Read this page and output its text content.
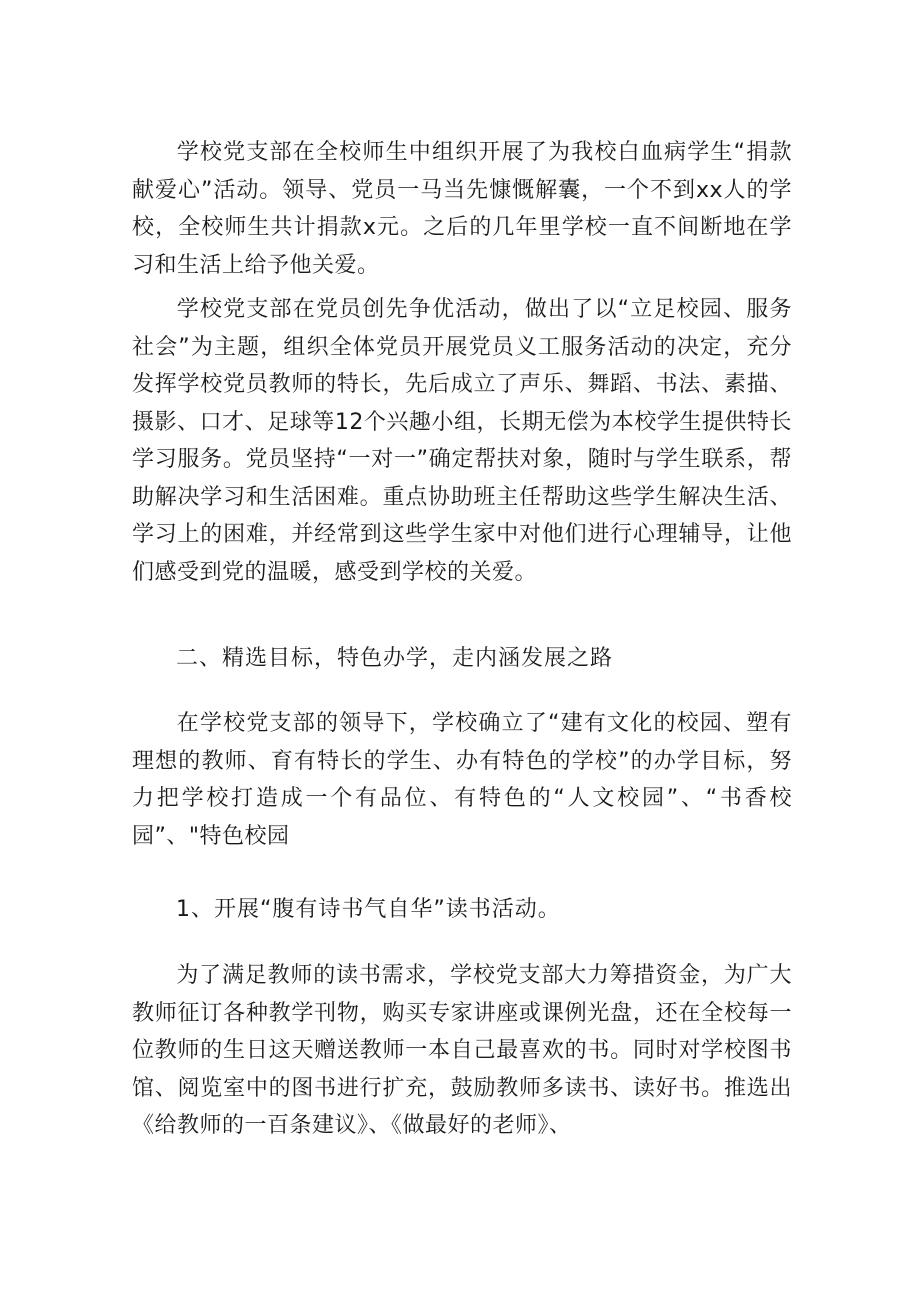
学校党支部在全校师生中组织开展了为我校白血病学生“捐款献爱心”活动。领导、党员一马当先慷慨解囊，一个不到xx人的学校，全校师生共计捐款x元。之后的几年里学校一直不间断地在学习和生活上给予他关爱。

学校党支部在党员创先争优活动，做出了以“立足校园、服务社会”为主题，组织全体党员开展党员义工服务活动的决定，充分发挥学校党员教师的特长，先后成立了声乐、舞蹈、书法、素描、摄影、口才、足球等12个兴趣小组，长期无偿为本校学生提供特长学习服务。党员坚持“一对一”确定帮扶对象，随时与学生联系，帮助解决学习和生活困难。重点协助班主任帮助这些学生解决生活、学习上的困难，并经常到这些学生家中对他们进行心理辅导，让他们感受到党的温暖，感受到学校的关爱。

二、精选目标，特色办学，走内涵发展之路

在学校党支部的领导下，学校确立了“建有文化的校园、塑有理想的教师、育有特长的学生、办有特色的学校”的办学目标，努力把学校打造成一个有品位、有特色的“人文校园”、“书香校园”、"特色校园

1、开展“腹有诗书气自华”读书活动。

为了满足教师的读书需求，学校党支部大力筹措资金，为广大教师征订各种教学刊物，购买专家讲座或课例光盘，还在全校每一位教师的生日这天赠送教师一本自己最喜欢的书。同时对学校图书馆、阅览室中的图书进行扩充，鼓励教师多读书、读好书。推选出《给教师的一百条建议》、《做最好的老师》、
